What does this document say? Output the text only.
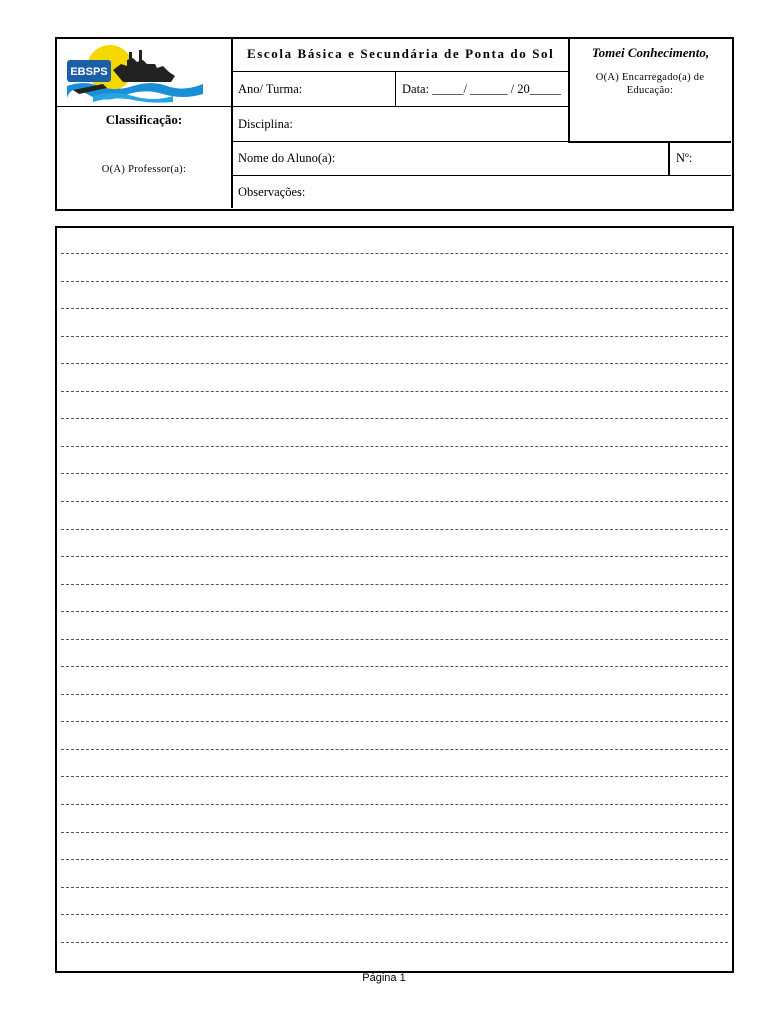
EBSPS
Escola Básica e Secundária de Ponta do Sol
Ano/ Turma:	Data: _____/ ______ / 20_____
Disciplina:
Nome do Aluno(a):	Nº:
Observações:
Classificação:
O(A) Professor(a):
Tomei Conhecimento,
O(A) Encarregado(a) de Educação:
Página 1
